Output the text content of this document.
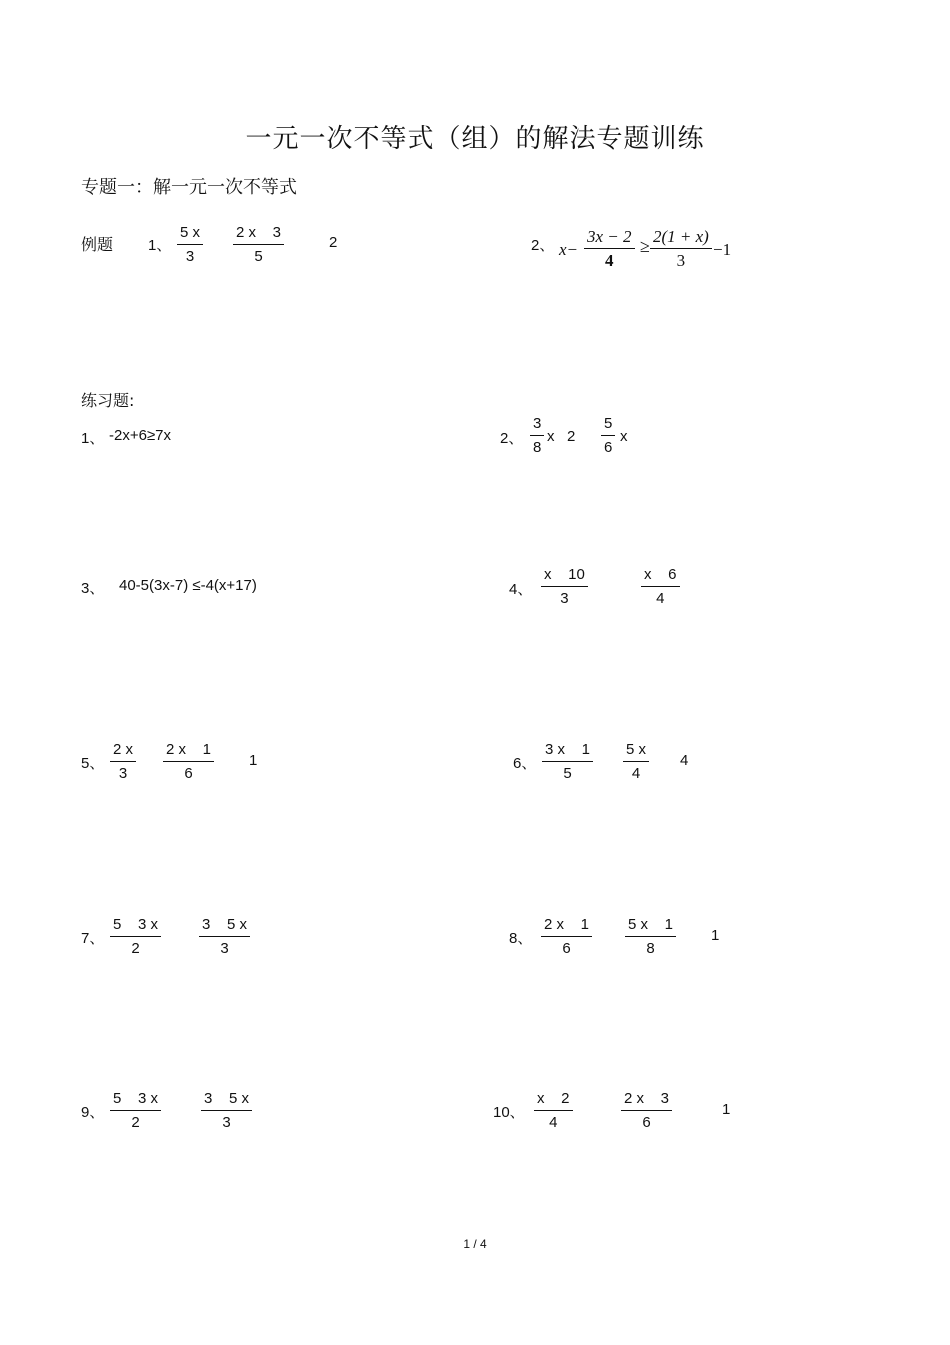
一元一次不等式（组）的解法专题训练
专题一：解一元一次不等式
例题 1、
5 x
3
2 x    3
5
2	2、 x−
3x − 2
4
≥ 2(1 + x)
3
−1
练习题:
1、 -2x+6≥7x	2、
3
8
x   2
5
6
x
3、 40-5(3x-7) ≤-4(x+17)	4、
x    10
3
x    6
4
5、
2 x
3
2 x    1
6
1	6、
3 x    1
5
5 x
4
4
7、
5    3 x
2
3    5 x
3
8、
2 x    1
6
5 x    1
8
1
9、
5    3 x
2
3    5 x
3
10、
x    2
4
2 x    3
6
1
1 / 4
